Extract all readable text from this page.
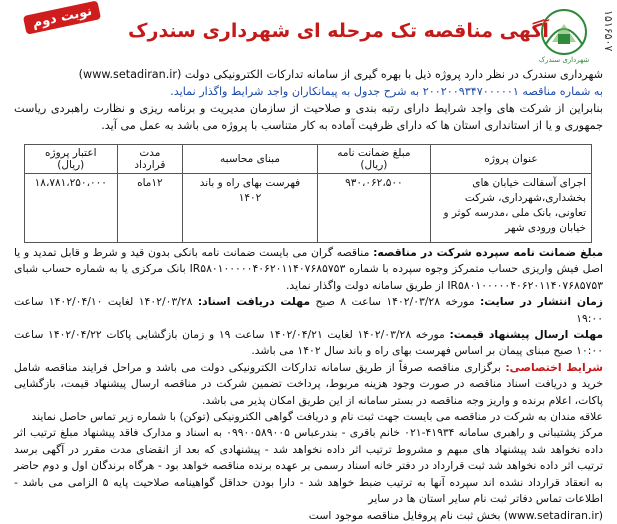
نوبت دوم
شهرداری سندرک
آگهی مناقصه تک مرحله ای شهرداری سندرک	۱۵۱۶۵۰۷

شهرداری سندرک در نظر دارد پروژه ذیل با بهره گیری از سامانه تدارکات الکترونیکی دولت (www.setadiran.ir)

به شماره مناقصه ۲۰۰۲۰۰۹۳۴۷۰۰۰۰۰۱ به شرح جدول به پیمانکاران واجد شرایط واگذار نماید.

بنابراین از شرکت های واجد شرایط دارای رتبه بندی و صلاحیت از سازمان مدیریت و برنامه ریزی و نظارت راهبردی ریاست جمهوری و یا از استانداری استان ها که دارای ظرفیت آماده به کار متناسب با پروژه می باشد به عمل می آید.

عنوان پروژه	مبلغ ضمانت نامه (ریال)	مبنای محاسبه	مدت قرارداد	اعتبار پروژه (ریال)
اجرای آسفالت خیابان های بخشداری،شهرداری، شرکت تعاونی، بانک ملی ،مدرسه کوثر و خیابان ورودی شهر	۹۳۰،۰۶۲،۵۰۰	فهرست بهای راه و باند ۱۴۰۲	۱۲ماه	۱۸،۷۸۱،۲۵۰،۰۰۰

مبلغ ضمانت نامه سپرده شرکت در مناقصه: مناقصه گران می بایست ضمانت نامه بانکی بدون قید و شرط و قابل تمدید و یا اصل فیش واریزی حساب متمرکز وجوه سپرده با شماره IR۵۸۰۱۰۰۰۰۰۴۰۶۲۰۱۱۴۰۷۶۸۵۷۵۳ بانک مرکزی یا به شماره حساب شبای IR۵۸۰۱۰۰۰۰۰۴۰۶۲۰۱۱۴۰۷۶۸۵۷۵۳ از طریق سامانه دولت واگذار نماید.

زمان انتشار در سایت: مورخه ۱۴۰۲/۰۳/۲۸ ساعت ۸ صبح مهلت دریافت اسناد: ۱۴۰۲/۰۳/۲۸ لغایت ۱۴۰۲/۰۴/۱۰ ساعت ۱۹:۰۰

مهلت ارسال پیشنهاد قیمت: مورخه ۱۴۰۲/۰۳/۲۸ لغایت ۱۴۰۲/۰۴/۲۱ ساعت ۱۹ و زمان بازگشایی پاکات ۱۴۰۲/۰۴/۲۲ ساعت ۱۰:۰۰ صبح مبنای پیمان بر اساس فهرست بهای راه و باند سال ۱۴۰۲ می باشد.

شرایط اختصاصی: برگزاری مناقصه صرفاً از طریق سامانه تدارکات الکترونیکی دولت می باشد و مراحل فرایند مناقصه شامل خرید و دریافت اسناد مناقصه در صورت وجود هزینه مربوط، پرداخت تضمین شرکت در مناقصه ارسال پیشنهاد قیمت، بازگشایی پاکات، اعلام برنده و واریز وجه مناقصه در بستر سامانه از این طریق امکان پذیر می باشد.

علاقه مندان به شرکت در مناقصه می بایست جهت ثبت نام و دریافت گواهی الکترونیکی (توکن) با شماره زیر تماس حاصل نمایند

مرکز پشتیبانی و راهبری سامانه ۴۱۹۳۴-۰۲۱ خانم باقری - بندرعباس ۰۹۹۰۰۵۸۹۰۰۵ به اسناد و مدارک فاقد پیشنهاد مبلغ ترتیب اثر داده نخواهد شد پیشنهاد های مبهم و مشروط ترتیب اثر داده نخواهد شد - پیشنهادی که بعد از انقضای مدت مقرر در آگهی برسد ترتیب اثر داده نخواهد شد ثبت قرارداد در دفتر خانه اسناد رسمی بر عهده برنده مناقصه خواهد بود - هرگاه برندگان اول و دوم حاضر به انعقاد قرارداد نشده اند سپرده آنها به ترتیب ضبط خواهد شد - دارا بودن حداقل گواهینامه صلاحیت پایه ۵ الزامی می باشد - اطلاعات تماس دفاتر ثبت نام سایر استان ها در سایر

(www.setadiran.ir) بخش ثبت نام پروفایل مناقصه موجود است
